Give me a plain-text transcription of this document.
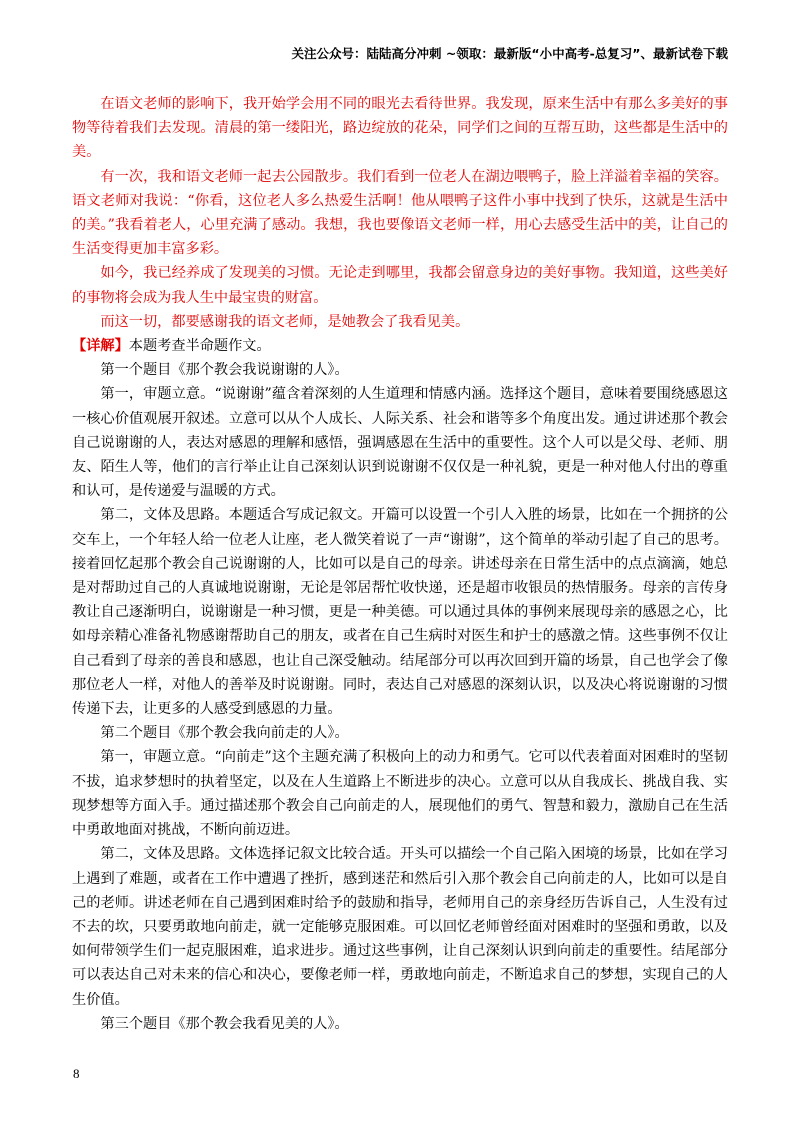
关注公众号：陆陆高分冲刺 ~领取：最新版“小中高考-总复习”、最新试卷下载

在语文老师的影响下，我开始学会用不同的眼光去看待世界。我发现，原来生活中有那么多美好的事物等待着我们去发现。清晨的第一缕阳光，路边绽放的花朵，同学们之间的互帮互助，这些都是生活中的美。

有一次，我和语文老师一起去公园散步。我们看到一位老人在湖边喂鸭子，脸上洋溢着幸福的笑容。语文老师对我说：“你看，这位老人多么热爱生活啊！他从喂鸭子这件小事中找到了快乐，这就是生活中的美。”我看着老人，心里充满了感动。我想，我也要像语文老师一样，用心去感受生活中的美，让自己的生活变得更加丰富多彩。

如今，我已经养成了发现美的习惯。无论走到哪里，我都会留意身边的美好事物。我知道，这些美好的事物将会成为我人生中最宝贵的财富。

而这一切，都要感谢我的语文老师，是她教会了我看见美。

【详解】本题考查半命题作文。

第一个题目《那个教会我说谢谢的人》。

第一，审题立意。“说谢谢”蕴含着深刻的人生道理和情感内涵。选择这个题目，意味着要围绕感恩这一核心价值观展开叙述。立意可以从个人成长、人际关系、社会和谐等多个角度出发。通过讲述那个教会自己说谢谢的人，表达对感恩的理解和感悟，强调感恩在生活中的重要性。这个人可以是父母、老师、朋友、陌生人等，他们的言行举止让自己深刻认识到说谢谢不仅仅是一种礼貌，更是一种对他人付出的尊重和认可，是传递爱与温暖的方式。

第二，文体及思路。本题适合写成记叙文。开篇可以设置一个引人入胜的场景，比如在一个拥挤的公交车上，一个年轻人给一位老人让座，老人微笑着说了一声“谢谢”，这个简单的举动引起了自己的思考。接着回忆起那个教会自己说谢谢的人，比如可以是自己的母亲。讲述母亲在日常生活中的点点滴滴，她总是对帮助过自己的人真诚地说谢谢，无论是邻居帮忙收快递，还是超市收银员的热情服务。母亲的言传身教让自己逐渐明白，说谢谢是一种习惯，更是一种美德。可以通过具体的事例来展现母亲的感恩之心，比如母亲精心准备礼物感谢帮助自己的朋友，或者在自己生病时对医生和护士的感激之情。这些事例不仅让自己看到了母亲的善良和感恩，也让自己深受触动。结尾部分可以再次回到开篇的场景，自己也学会了像那位老人一样，对他人的善举及时说谢谢。同时，表达自己对感恩的深刻认识，以及决心将说谢谢的习惯传递下去，让更多的人感受到感恩的力量。

第二个题目《那个教会我向前走的人》。

第一，审题立意。“向前走”这个主题充满了积极向上的动力和勇气。它可以代表着面对困难时的坚韧不拔，追求梦想时的执着坚定，以及在人生道路上不断进步的决心。立意可以从自我成长、挑战自我、实现梦想等方面入手。通过描述那个教会自己向前走的人，展现他们的勇气、智慧和毅力，激励自己在生活中勇敢地面对挑战，不断向前迈进。

第二，文体及思路。文体选择记叙文比较合适。开头可以描绘一个自己陷入困境的场景，比如在学习上遇到了难题，或者在工作中遭遇了挫折，感到迷茫和然后引入那个教会自己向前走的人，比如可以是自己的老师。讲述老师在自己遇到困难时给予的鼓励和指导，老师用自己的亲身经历告诉自己，人生没有过不去的坎，只要勇敢地向前走，就一定能够克服困难。可以回忆老师曾经面对困难时的坚强和勇敢，以及如何带领学生们一起克服困难，追求进步。通过这些事例，让自己深刻认识到向前走的重要性。结尾部分可以表达自己对未来的信心和决心，要像老师一样，勇敢地向前走，不断追求自己的梦想，实现自己的人生价值。

第三个题目《那个教会我看见美的人》。

8
